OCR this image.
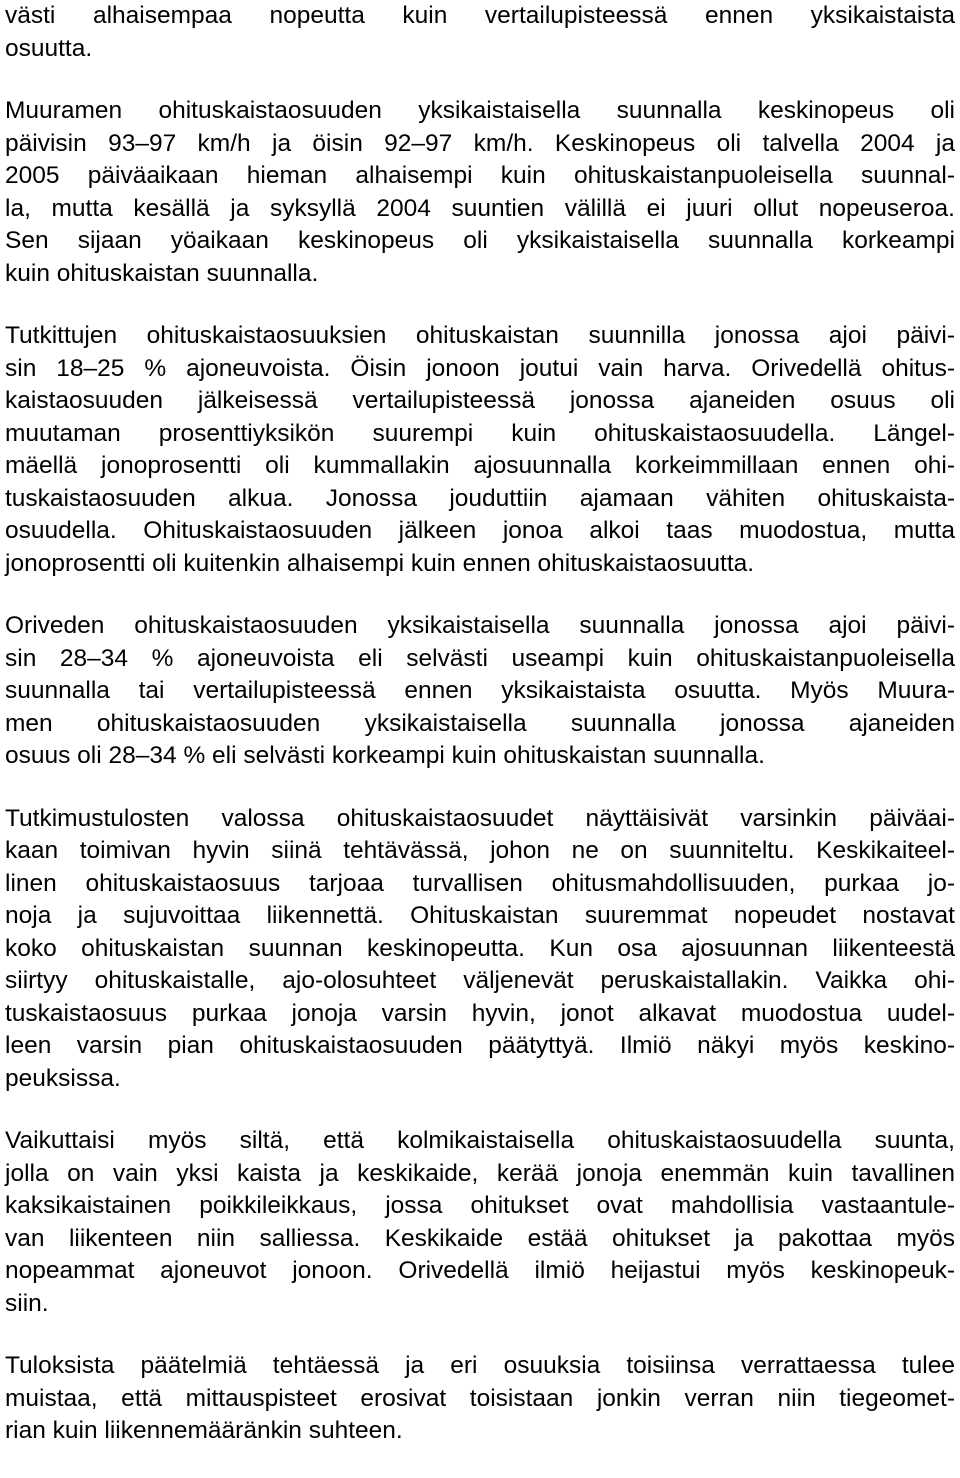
västi alhaisempaa nopeutta kuin vertailupisteessä ennen yksikaistaista
osuutta.
Muuramen ohituskaistaosuuden yksikaistaisella suunnalla keskinopeus oli
päivisin 93–97 km/h ja öisin 92–97 km/h. Keskinopeus oli talvella 2004 ja
2005 päiväaikaan hieman alhaisempi kuin ohituskaistanpuoleisella suunnal-
la, mutta kesällä ja syksyllä 2004 suuntien välillä ei juuri ollut nopeuseroa.
Sen sijaan yöaikaan keskinopeus oli yksikaistaisella suunnalla korkeampi
kuin ohituskaistan suunnalla.
Tutkittujen ohituskaistaosuuksien ohituskaistan suunnilla jonossa ajoi päivi-
sin 18–25 % ajoneuvoista. Öisin jonoon joutui vain harva. Orivedellä ohitus-
kaistaosuuden jälkeisessä vertailupisteessä jonossa ajaneiden osuus oli
muutaman prosenttiyksikön suurempi kuin ohituskaistaosuudella. Längel-
mäellä jonoprosentti oli kummallakin ajosuunnalla korkeimmillaan ennen ohi-
tuskaistaosuuden alkua. Jonossa jouduttiin ajamaan vähiten ohituskaista-
osuudella. Ohituskaistaosuuden jälkeen jonoa alkoi taas muodostua, mutta
jonoprosentti oli kuitenkin alhaisempi kuin ennen ohituskaistaosuutta.
Oriveden ohituskaistaosuuden yksikaistaisella suunnalla jonossa ajoi päivi-
sin 28–34 % ajoneuvoista eli selvästi useampi kuin ohituskaistanpuoleisella
suunnalla tai vertailupisteessä ennen yksikaistaista osuutta. Myös Muura-
men ohituskaistaosuuden yksikaistaisella suunnalla jonossa ajaneiden
osuus oli 28–34 % eli selvästi korkeampi kuin ohituskaistan suunnalla.
Tutkimustulosten valossa ohituskaistaosuudet näyttäisivät varsinkin päiväai-
kaan toimivan hyvin siinä tehtävässä, johon ne on suunniteltu. Keskikaiteel-
linen ohituskaistaosuus tarjoaa turvallisen ohitusmahdollisuuden, purkaa jo-
noja ja sujuvoittaa liikennettä. Ohituskaistan suuremmat nopeudet nostavat
koko ohituskaistan suunnan keskinopeutta. Kun osa ajosuunnan liikenteestä
siirtyy ohituskaistalle, ajo-olosuhteet väljenevät peruskaistallakin. Vaikka ohi-
tuskaistaosuus purkaa jonoja varsin hyvin, jonot alkavat muodostua uudel-
leen varsin pian ohituskaistaosuuden päätyttyä. Ilmiö näkyi myös keskino-
peuksissa.
Vaikuttaisi myös siltä, että kolmikaistaisella ohituskaistaosuudella suunta,
jolla on vain yksi kaista ja keskikaide, kerää jonoja enemmän kuin tavallinen
kaksikaistainen poikkileikkaus, jossa ohitukset ovat mahdollisia vastaantule-
van liikenteen niin salliessa. Keskikaide estää ohitukset ja pakottaa myös
nopeammat ajoneuvot jonoon. Orivedellä ilmiö heijastui myös keskinopeuk-
siin.
Tuloksista päätelmiä tehtäessä ja eri osuuksia toisiinsa verrattaessa tulee
muistaa, että mittauspisteet erosivat toisistaan jonkin verran niin tiegeomet-
rian kuin liikennemääränkin suhteen.
